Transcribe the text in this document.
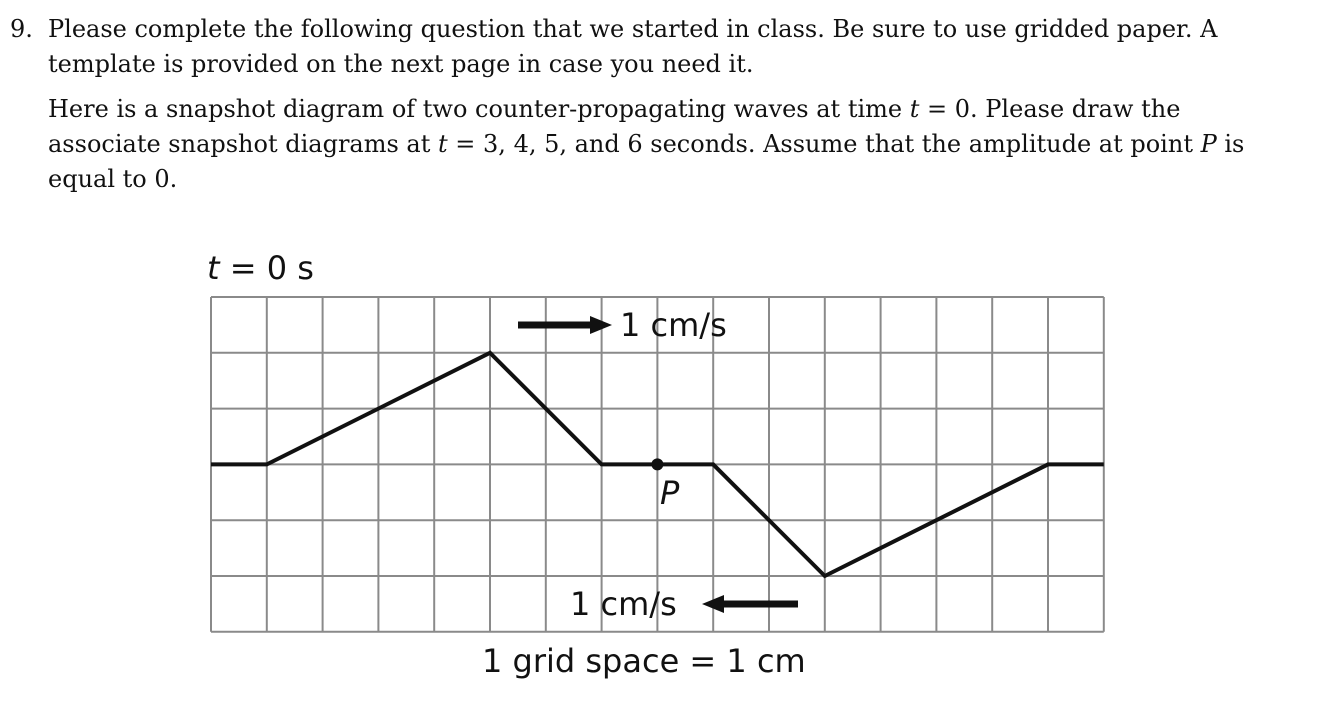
9. Please complete the following question that we started in class. Be sure to use gridded paper. A template is provided on the next page in case you need it.
Here is a snapshot diagram of two counter-propagating waves at time t = 0. Please draw the associate snapshot diagrams at t = 3, 4, 5, and 6 seconds. Assume that the amplitude at point P is equal to 0.
t = 0 s
1 cm/s
1 cm/s
P
1 grid space = 1 cm
